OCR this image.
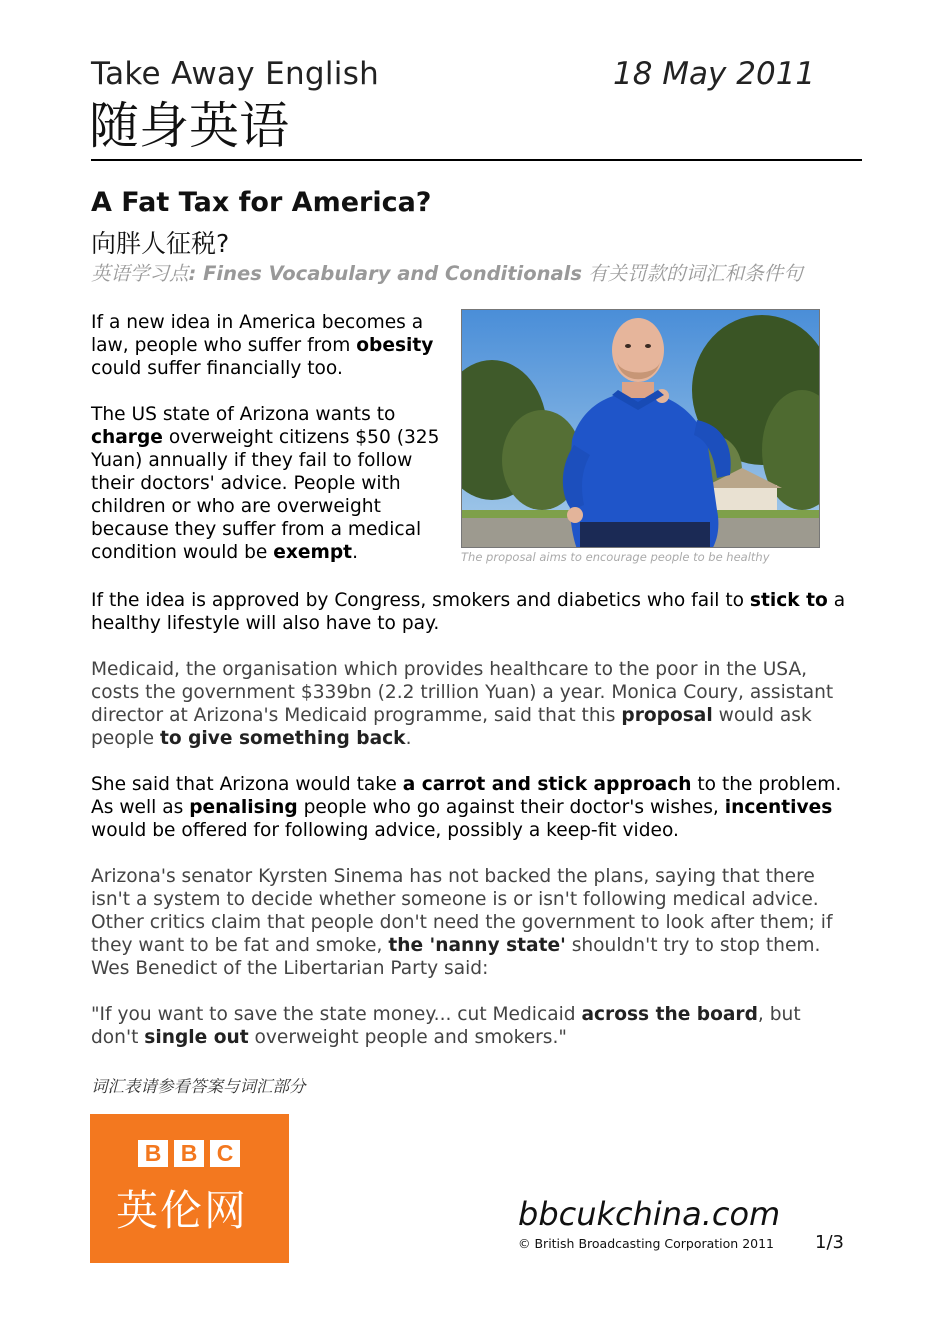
Take Away English	18 May 2011
随身英语
A Fat Tax for America?
向胖人征税?
英语学习点: Fines Vocabulary and Conditionals 有关罚款的词汇和条件句
The proposal aims to encourage people to be healthy

If a new idea in America becomes a law, people who suffer from obesity could suffer financially too.

The US state of Arizona wants to charge overweight citizens $50 (325 Yuan) annually if they fail to follow their doctors' advice. People with children or who are overweight because they suffer from a medical condition would be exempt.

If the idea is approved by Congress, smokers and diabetics who fail to stick to a healthy lifestyle will also have to pay.

Medicaid, the organisation which provides healthcare to the poor in the USA, costs the government $339bn (2.2 trillion Yuan) a year. Monica Coury, assistant director at Arizona's Medicaid programme, said that this proposal would ask people to give something back.

She said that Arizona would take a carrot and stick approach to the problem. As well as penalising people who go against their doctor's wishes, incentives would be offered for following advice, possibly a keep-fit video.

Arizona's senator Kyrsten Sinema has not backed the plans, saying that there isn't a system to decide whether someone is or isn't following medical advice. Other critics claim that people don't need the government to look after them; if they want to be fat and smoke, the 'nanny state' shouldn't try to stop them. Wes Benedict of the Libertarian Party said:

"If you want to save the state money... cut Medicaid across the board, but don't single out overweight people and smokers."

词汇表请参看答案与词汇部分
B B C
英伦网	bbcukchina.com
© British Broadcasting Corporation 2011 1/3
